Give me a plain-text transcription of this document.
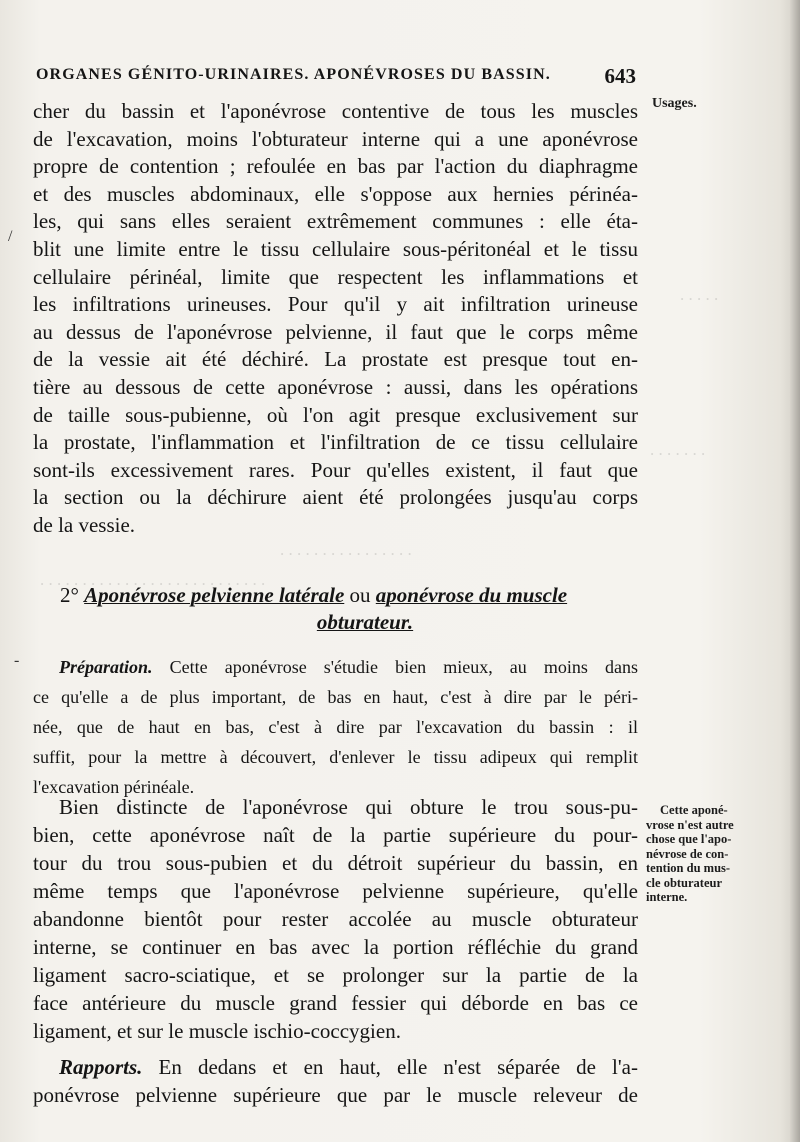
ORGANES GÉNITO-URINAIRES. APONÉVROSES DU BASSIN.	643
Usages.
cher du bassin et l'aponévrose contentive de tous les muscles
de l'excavation, moins l'obturateur interne qui a une aponévrose
propre de contention ; refoulée en bas par l'action du diaphragme
et des muscles abdominaux, elle s'oppose aux hernies périnéa-
les, qui sans elles seraient extrêmement communes : elle éta-
blit une limite entre le tissu cellulaire sous-péritonéal et le tissu
cellulaire périnéal, limite que respectent les inflammations et
les infiltrations urineuses. Pour qu'il y ait infiltration urineuse
au dessus de l'aponévrose pelvienne, il faut que le corps même
de la vessie ait été déchiré. La prostate est presque tout en-
tière au dessous de cette aponévrose : aussi, dans les opérations
de taille sous-pubienne, où l'on agit presque exclusivement sur
la prostate, l'inflammation et l'infiltration de ce tissu cellulaire
sont-ils excessivement rares. Pour qu'elles existent, il faut que
la section ou la déchirure aient été prolongées jusqu'au corps
de la vessie.
2° Aponévrose pelvienne latérale ou aponévrose du muscle
obturateur.
/
-	Préparation. Cette aponévrose s'étudie bien mieux, au moins dans
ce qu'elle a de plus important, de bas en haut, c'est à dire par le péri-
née, que de haut en bas, c'est à dire par l'excavation du bassin : il
suffit, pour la mettre à découvert, d'enlever le tissu adipeux qui remplit
l'excavation périnéale.
Cette aponé-
vrose n'est autre
chose que l'apo-
névrose de con-
tention du mus-
cle obturateur
interne.
Bien distincte de l'aponévrose qui obture le trou sous-pu-
bien, cette aponévrose naît de la partie supérieure du pour-
tour du trou sous-pubien et du détroit supérieur du bassin, en
même temps que l'aponévrose pelvienne supérieure, qu'elle
abandonne bientôt pour rester accolée au muscle obturateur
interne, se continuer en bas avec la portion réfléchie du grand
ligament sacro-sciatique, et se prolonger sur la partie de la
face antérieure du muscle grand fessier qui déborde en bas ce
ligament, et sur le muscle ischio-coccygien.
Rapports. En dedans et en haut, elle n'est séparée de l'a-
ponévrose pelvienne supérieure que par le muscle releveur de
